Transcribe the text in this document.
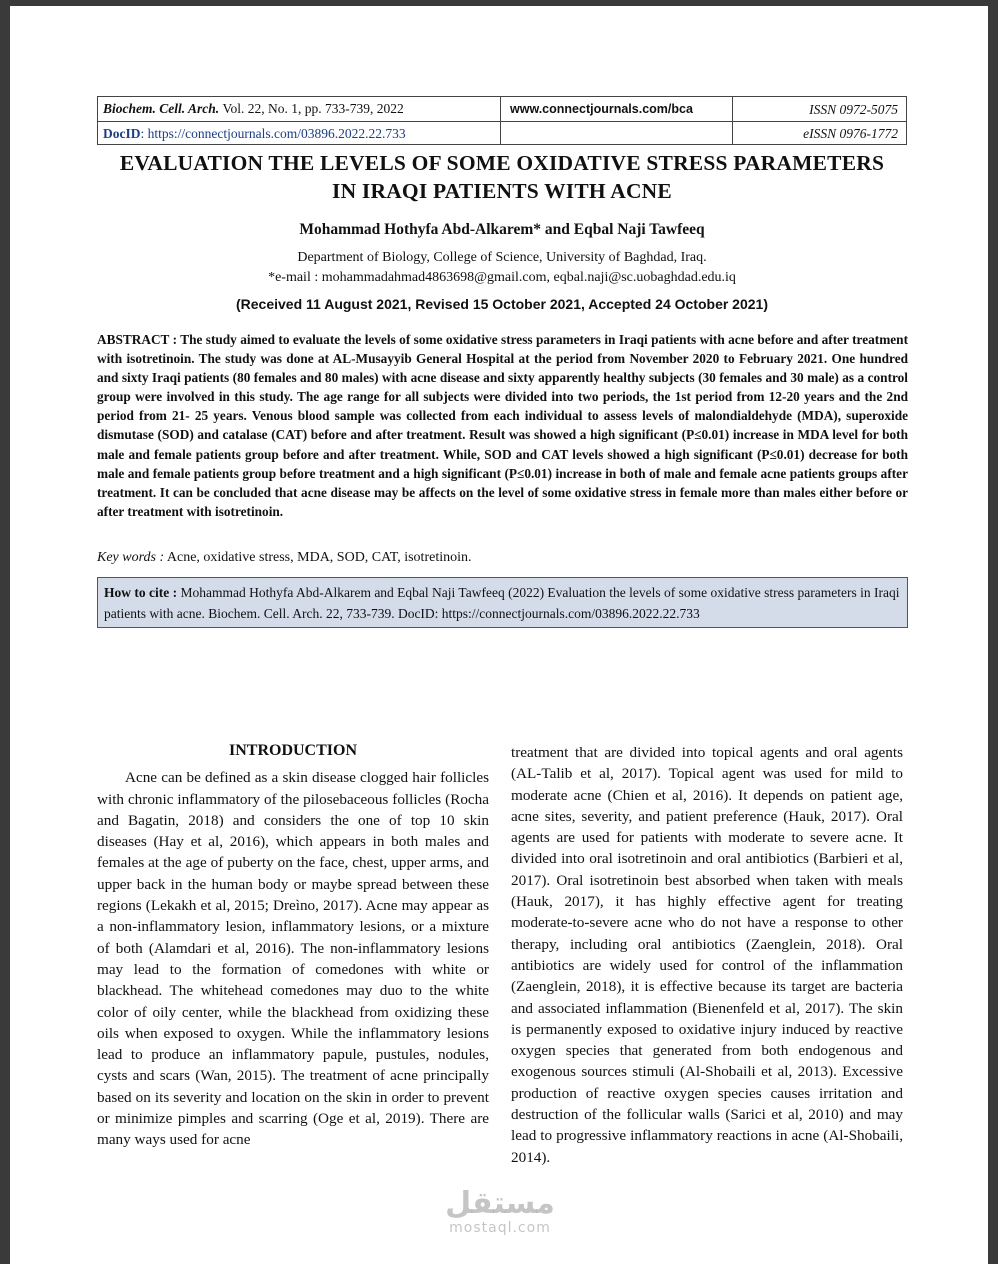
Biochem. Cell. Arch. Vol. 22, No. 1, pp. 733-739, 2022
DocID: https://connectjournals.com/03896.2022.22.733
www.connectjournals.com/bca	ISSN 0972-5075
eISSN 0976-1772
EVALUATION THE LEVELS OF SOME OXIDATIVE STRESS PARAMETERS
IN IRAQI PATIENTS WITH ACNE
Mohammad Hothyfa Abd-Alkarem* and Eqbal Naji Tawfeeq
Department of Biology, College of Science, University of Baghdad, Iraq.
*e-mail : mohammadahmad4863698@gmail.com, eqbal.naji@sc.uobaghdad.edu.iq
(Received 11 August 2021, Revised 15 October 2021, Accepted 24 October 2021)
ABSTRACT : The study aimed to evaluate the levels of some oxidative stress parameters in Iraqi patients with acne before and after treatment with isotretinoin. The study was done at AL-Musayyib General Hospital at the period from November 2020 to February 2021. One hundred and sixty Iraqi patients (80 females and 80 males) with acne disease and sixty apparently healthy subjects (30 females and 30 male) as a control group were involved in this study. The age range for all subjects were divided into two periods, the 1st period from 12-20 years and the 2nd period from 21- 25 years. Venous blood sample was collected from each individual to assess levels of malondialdehyde (MDA), superoxide dismutase (SOD) and catalase (CAT) before and after treatment. Result was showed a high significant (P≤0.01) increase in MDA level for both male and female patients group before and after treatment. While, SOD and CAT levels showed a high significant (P≤0.01) decrease for both male and female patients group before treatment and a high significant (P≤0.01) increase in both of male and female acne patients groups after treatment. It can be concluded that acne disease may be affects on the level of some oxidative stress in female more than males either before or after treatment with isotretinoin.
Key words : Acne, oxidative stress, MDA, SOD, CAT, isotretinoin.
How to cite : Mohammad Hothyfa Abd-Alkarem and Eqbal Naji Tawfeeq (2022) Evaluation the levels of some oxidative stress parameters in Iraqi patients with acne. Biochem. Cell. Arch. 22, 733-739. DocID: https://connectjournals.com/03896.2022.22.733
INTRODUCTION
Acne can be defined as a skin disease clogged hair follicles with chronic inflammatory of the pilosebaceous follicles (Rocha and Bagatin, 2018) and considers the one of top 10 skin diseases (Hay et al, 2016), which appears in both males and females at the age of puberty on the face, chest, upper arms, and upper back in the human body or maybe spread between these regions (Lekakh et al, 2015; Dreìno, 2017). Acne may appear as a non-inflammatory lesion, inflammatory lesions, or a mixture of both (Alamdari et al, 2016). The non-inflammatory lesions may lead to the formation of comedones with white or blackhead. The whitehead comedones may duo to the white color of oily center, while the blackhead from oxidizing these oils when exposed to oxygen. While the inflammatory lesions lead to produce an inflammatory papule, pustules, nodules, cysts and scars (Wan, 2015). The treatment of acne principally based on its severity and location on the skin in order to prevent or minimize pimples and scarring (Oge et al, 2019). There are many ways used for acne
treatment that are divided into topical agents and oral agents (AL-Talib et al, 2017). Topical agent was used for mild to moderate acne (Chien et al, 2016). It depends on patient age, acne sites, severity, and patient preference (Hauk, 2017). Oral agents are used for patients with moderate to severe acne. It divided into oral isotretinoin and oral antibiotics (Barbieri et al, 2017). Oral isotretinoin best absorbed when taken with meals (Hauk, 2017), it has highly effective agent for treating moderate-to-severe acne who do not have a response to other therapy, including oral antibiotics (Zaenglein, 2018). Oral antibiotics are widely used for control of the inflammation (Zaenglein, 2018), it is effective because its target are bacteria and associated inflammation (Bienenfeld et al, 2017). The skin is permanently exposed to oxidative injury induced by reactive oxygen species that generated from both endogenous and exogenous sources stimuli (Al-Shobaili et al, 2013). Excessive production of reactive oxygen species causes irritation and destruction of the follicular walls (Sarici et al, 2010) and may lead to progressive inflammatory reactions in acne (Al-Shobaili, 2014).
مستقل
mostaql.com
